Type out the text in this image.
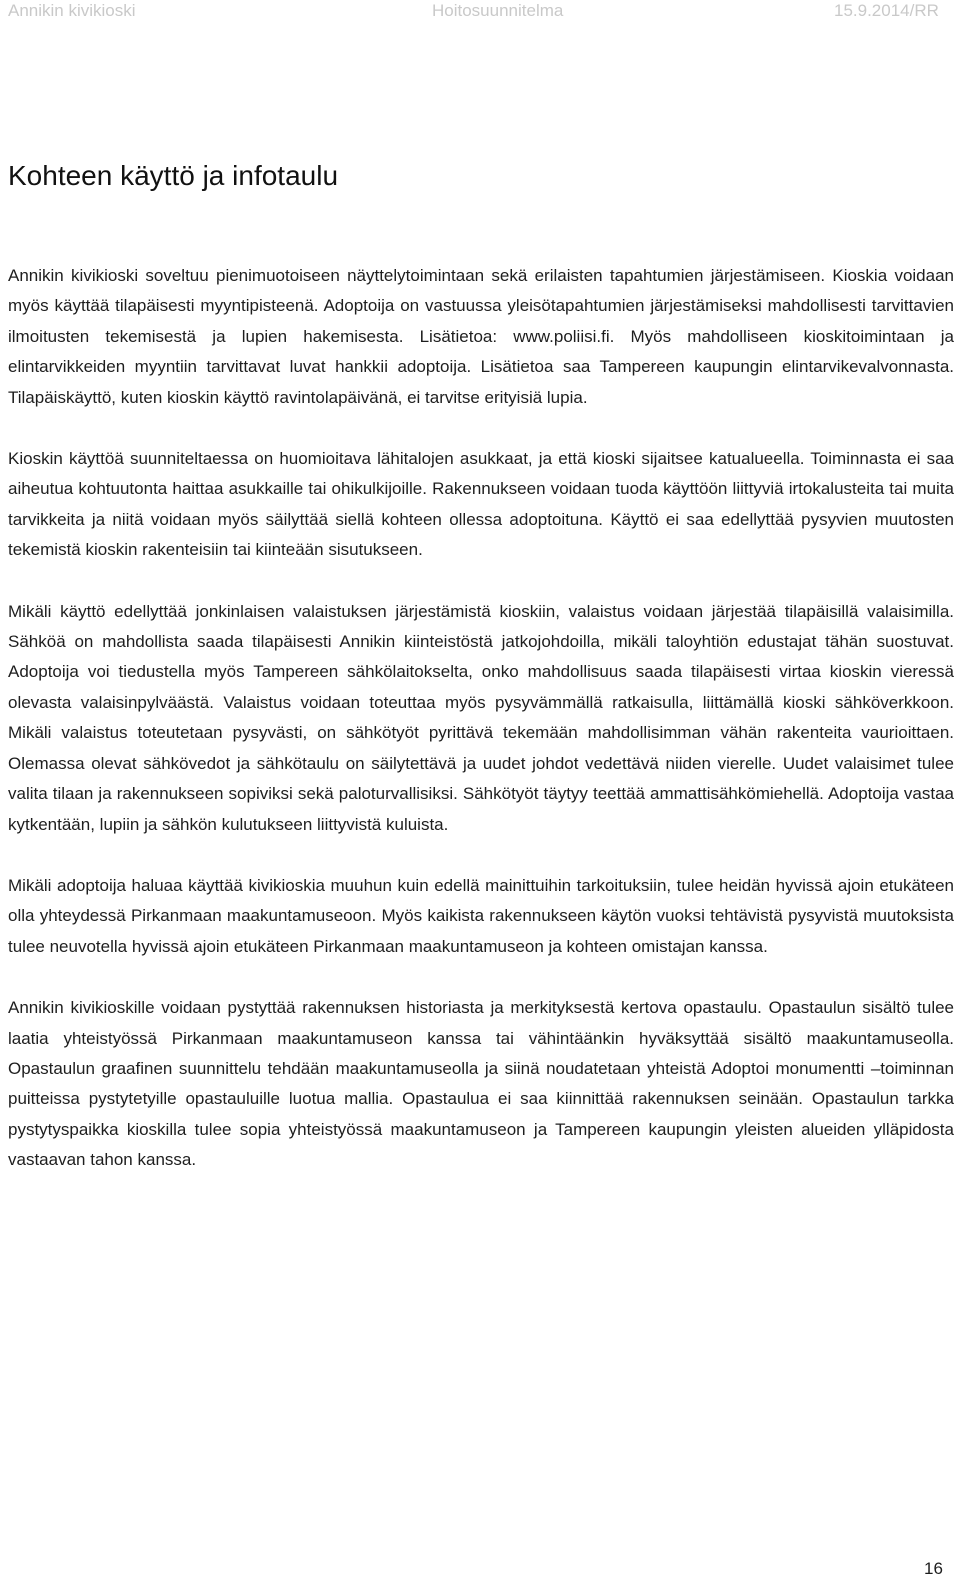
Annikin kivikioski	Hoitosuunnitelma	15.9.2014/RR
Kohteen käyttö ja infotaulu

Annikin kivikioski soveltuu pienimuotoiseen näyttelytoimintaan sekä erilaisten tapahtumien järjestämiseen. Kioskia voidaan myös käyttää tilapäisesti myyntipisteenä. Adoptoija on vastuussa yleisötapahtumien järjestämiseksi mahdollisesti tarvittavien ilmoitusten tekemisestä ja lupien hakemisesta. Lisätietoa: www.poliisi.fi. Myös mahdolliseen kioskitoimintaan ja elintarvikkeiden myyntiin tarvittavat luvat hankkii adoptoija. Lisätietoa saa Tampereen kaupungin elintarvikevalvonnasta. Tilapäiskäyttö, kuten kioskin käyttö ravintolapäivänä, ei tarvitse erityisiä lupia.

Kioskin käyttöä suunniteltaessa on huomioitava lähitalojen asukkaat, ja että kioski sijaitsee katualueella. Toiminnasta ei saa aiheutua kohtuutonta haittaa asukkaille tai ohikulkijoille. Rakennukseen voidaan tuoda käyttöön liittyviä irtokalusteita tai muita tarvikkeita ja niitä voidaan myös säilyttää siellä kohteen ollessa adoptoituna. Käyttö ei saa edellyttää pysyvien muutosten tekemistä kioskin rakenteisiin tai kiinteään sisutukseen.

Mikäli käyttö edellyttää jonkinlaisen valaistuksen järjestämistä kioskiin, valaistus voidaan järjestää tilapäisillä valaisimilla. Sähköä on mahdollista saada tilapäisesti Annikin kiinteistöstä jatkojohdoilla, mikäli taloyhtiön edustajat tähän suostuvat. Adoptoija voi tiedustella myös Tampereen sähkölaitokselta, onko mahdollisuus saada tilapäisesti virtaa kioskin vieressä olevasta valaisinpylväästä. Valaistus voidaan toteuttaa myös pysyvämmällä ratkaisulla, liittämällä kioski sähköverkkoon. Mikäli valaistus toteutetaan pysyvästi, on sähkötyöt pyrittävä tekemään mahdollisimman vähän rakenteita vaurioittaen. Olemassa olevat sähkövedot ja sähkötaulu on säilytettävä ja uudet johdot vedettävä niiden vierelle. Uudet valaisimet tulee valita tilaan ja rakennukseen sopiviksi sekä paloturvallisiksi. Sähkötyöt täytyy teettää ammattisähkömiehellä. Adoptoija vastaa kytkentään, lupiin ja sähkön kulutukseen liittyvistä kuluista.

Mikäli adoptoija haluaa käyttää kivikioskia muuhun kuin edellä mainittuihin tarkoituksiin, tulee heidän hyvissä ajoin etukäteen olla yhteydessä Pirkanmaan maakuntamuseoon. Myös kaikista rakennukseen käytön vuoksi tehtävistä pysyvistä muutoksista tulee neuvotella hyvissä ajoin etukäteen Pirkanmaan maakuntamuseon ja kohteen omistajan kanssa.

Annikin kivikioskille voidaan pystyttää rakennuksen historiasta ja merkityksestä kertova opastaulu. Opastaulun sisältö tulee laatia yhteistyössä Pirkanmaan maakuntamuseon kanssa tai vähintäänkin hyväksyttää sisältö maakuntamuseolla. Opastaulun graafinen suunnittelu tehdään maakuntamuseolla ja siinä noudatetaan yhteistä Adoptoi monumentti –toiminnan puitteissa pystytetyille opastauluille luotua mallia. Opastaulua ei saa kiinnittää rakennuksen seinään. Opastaulun tarkka pystytyspaikka kioskilla tulee sopia yhteistyössä maakuntamuseon ja Tampereen kaupungin yleisten alueiden ylläpidosta vastaavan tahon kanssa.

16
